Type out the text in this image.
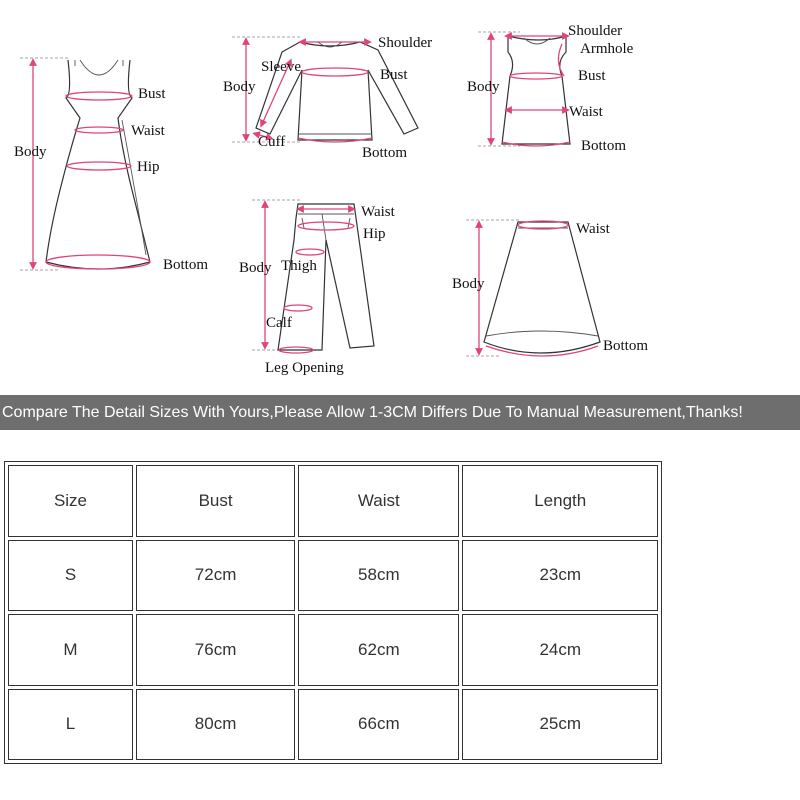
Bust
Waist
Hip
Body
Bottom
Shoulder
Sleeve	Bust
Body
Cuff
Bottom
Shoulder
Armhole
Bust
Body
Waist
Bottom
Waist
Hip
Body Thigh
Calf
Leg Opening
Waist
Body
Bottom
Compare The Detail Sizes With Yours,Please Allow 1-3CM Differs Due To Manual Measurement,Thanks!
Size	Bust	Waist	Length
S	72cm	58cm	23cm
M	76cm	62cm	24cm
L	80cm	66cm	25cm
